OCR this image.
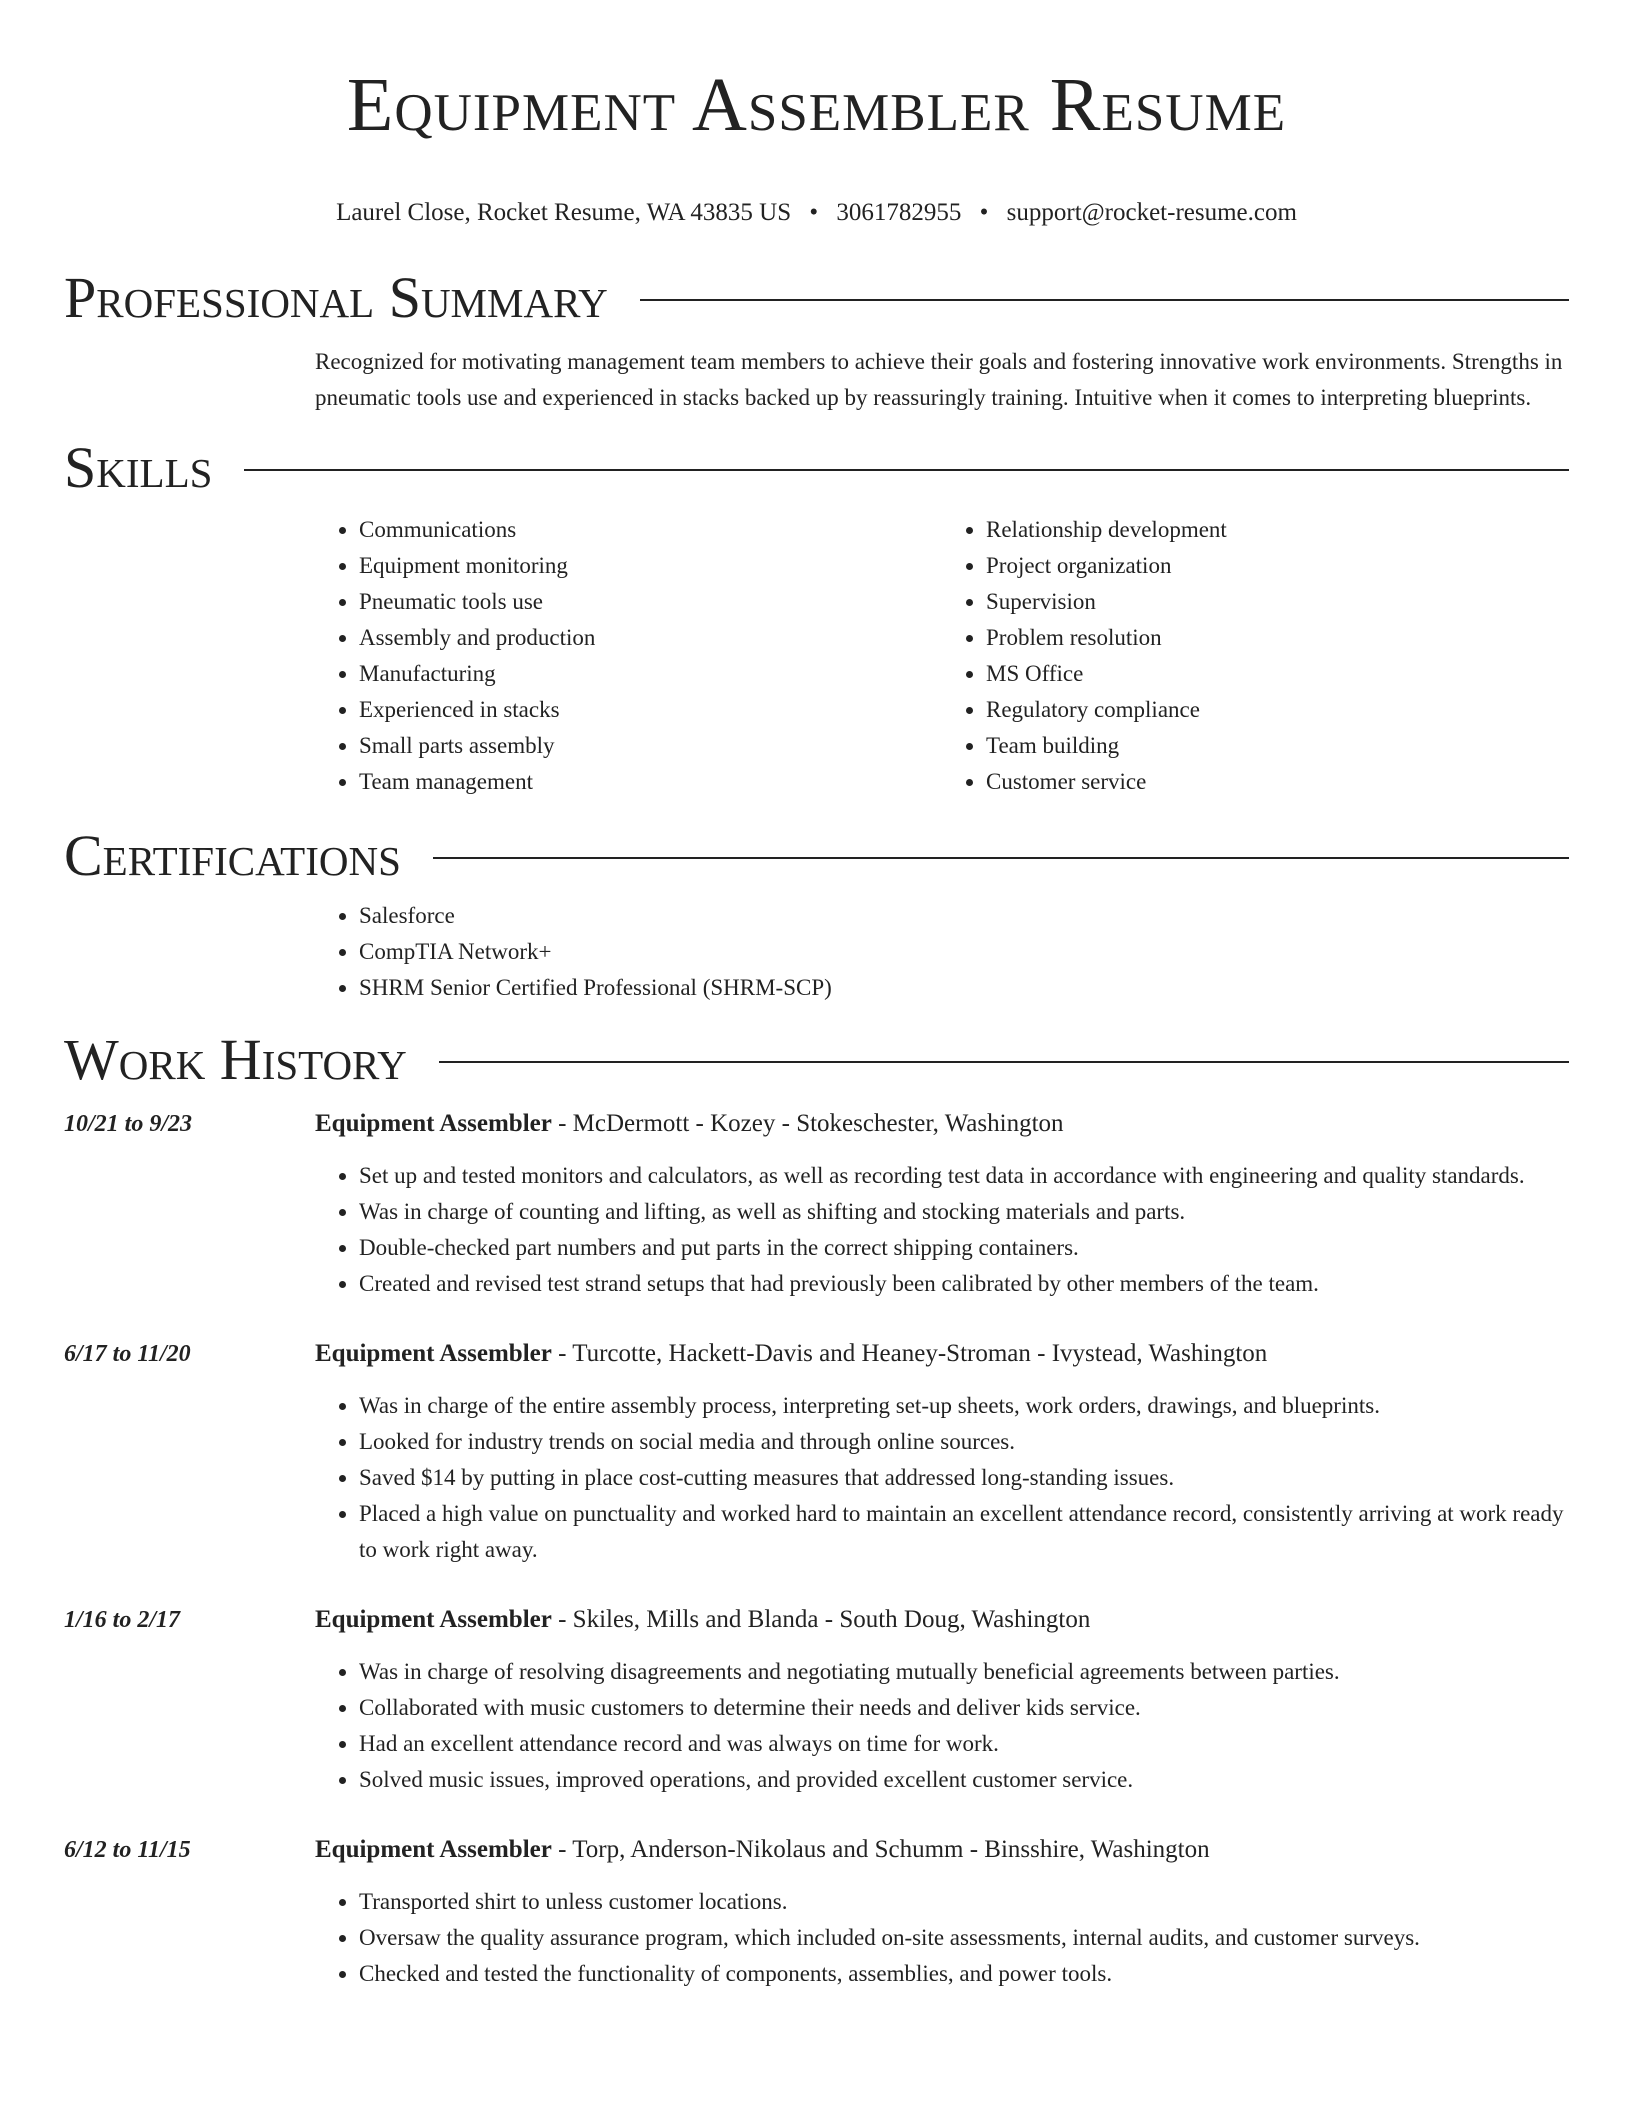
Equipment Assembler Resume
Laurel Close, Rocket Resume, WA 43835 US • 3061782955 • support@rocket-resume.com
Professional Summary
Recognized for motivating management team members to achieve their goals and fostering innovative work environments. Strengths in pneumatic tools use and experienced in stacks backed up by reassuringly training. Intuitive when it comes to interpreting blueprints.
Skills
• Communications
• Equipment monitoring
• Pneumatic tools use
• Assembly and production
• Manufacturing
• Experienced in stacks
• Small parts assembly
• Team management
• Relationship development
• Project organization
• Supervision
• Problem resolution
• MS Office
• Regulatory compliance
• Team building
• Customer service
Certifications
• Salesforce
• CompTIA Network+
• SHRM Senior Certified Professional (SHRM-SCP)
Work History
10/21 to 9/23	Equipment Assembler - McDermott - Kozey - Stokeschester, Washington
• Set up and tested monitors and calculators, as well as recording test data in accordance with engineering and quality standards.
• Was in charge of counting and lifting, as well as shifting and stocking materials and parts.
• Double-checked part numbers and put parts in the correct shipping containers.
• Created and revised test strand setups that had previously been calibrated by other members of the team.
6/17 to 11/20	Equipment Assembler - Turcotte, Hackett-Davis and Heaney-Stroman - Ivystead, Washington
• Was in charge of the entire assembly process, interpreting set-up sheets, work orders, drawings, and blueprints.
• Looked for industry trends on social media and through online sources.
• Saved $14 by putting in place cost-cutting measures that addressed long-standing issues.
• Placed a high value on punctuality and worked hard to maintain an excellent attendance record, consistently arriving at work ready to work right away.
1/16 to 2/17	Equipment Assembler - Skiles, Mills and Blanda - South Doug, Washington
• Was in charge of resolving disagreements and negotiating mutually beneficial agreements between parties.
• Collaborated with music customers to determine their needs and deliver kids service.
• Had an excellent attendance record and was always on time for work.
• Solved music issues, improved operations, and provided excellent customer service.
6/12 to 11/15	Equipment Assembler - Torp, Anderson-Nikolaus and Schumm - Binsshire, Washington
• Transported shirt to unless customer locations.
• Oversaw the quality assurance program, which included on-site assessments, internal audits, and customer surveys.
• Checked and tested the functionality of components, assemblies, and power tools.
